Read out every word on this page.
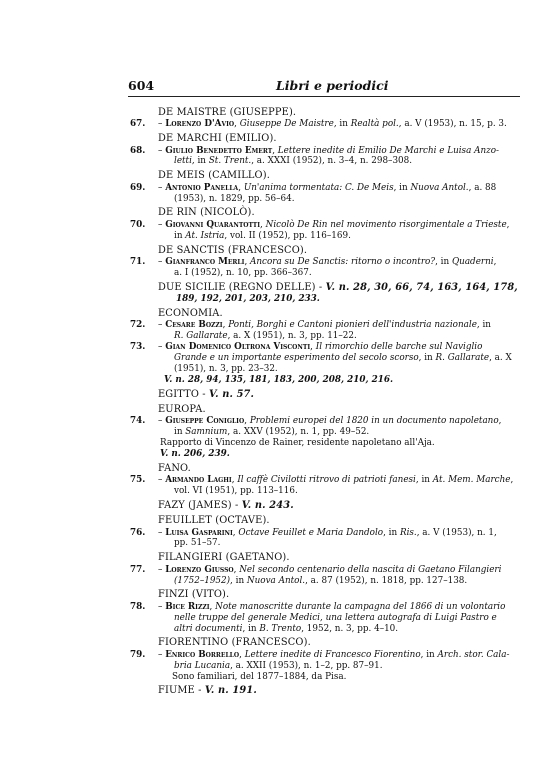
604	Libri e periodici
DE MAISTRE (GIUSEPPE).
67. – Lorenzo D'Avio, Giuseppe De Maistre, in Realtà pol., a. V (1953), n. 15, p. 3.
DE MARCHI (EMILIO).
68. – Giulio Benedetto Emert, Lettere inedite di Emilio De Marchi e Luisa Anzo-
letti, in St. Trent., a. XXXI (1952), n. 3–4, n. 298–308.
DE MEIS (CAMILLO).
69. – Antonio Panella, Un'anima tormentata: C. De Meis, in Nuova Antol., a. 88
(1953), n. 1829, pp. 56–64.
DE RIN (NICOLÒ).
70. – Giovanni Quarantotti, Nicolò De Rin nel movimento risorgimentale a Trieste,
in At. Istria, vol. II (1952), pp. 116–169.
DE SANCTIS (FRANCESCO).
71. – Gianfranco Merli, Ancora su De Sanctis: ritorno o incontro?, in Quaderni,
a. I (1952), n. 10, pp. 366–367.
DUE SICILIE (REGNO DELLE) - V. n. 28, 30, 66, 74, 163, 164, 178,
189, 192, 201, 203, 210, 233.
ECONOMIA.
72. – Cesare Bozzi, Ponti, Borghi e Cantoni pionieri dell'industria nazionale, in
R. Gallarate, a. X (1951), n. 3, pp. 11–22.
73. – Gian Domenico Oltrona Visconti, Il rimorchio delle barche sul Naviglio
Grande e un importante esperimento del secolo scorso, in R. Gallarate, a. X
(1951), n. 3, pp. 23–32.
V. n. 28, 94, 135, 181, 183, 200, 208, 210, 216.
EGITTO - V. n. 57.
EUROPA.
74. – Giuseppe Coniglio, Problemi europei del 1820 in un documento napoletano,
in Samnium, a. XXV (1952), n. 1, pp. 49–52.
Rapporto di Vincenzo de Rainer, residente napoletano all'Aja.
V. n. 206, 239.
FANO.
75. – Armando Laghi, Il caffè Civilotti ritrovo di patrioti fanesi, in At. Mem. Marche,
vol. VI (1951), pp. 113–116.
FAZY (JAMES) - V. n. 243.
FEUILLET (OCTAVE).
76. – Luisa Gasparini, Octave Feuillet e Maria Dandolo, in Ris., a. V (1953), n. 1,
pp. 51–57.
FILANGIERI (GAETANO).
77. – Lorenzo Giusso, Nel secondo centenario della nascita di Gaetano Filangieri
(1752–1952), in Nuova Antol., a. 87 (1952), n. 1818, pp. 127–138.
FINZI (VITO).
78. – Bice Rizzi, Note manoscritte durante la campagna del 1866 di un volontario
nelle truppe del generale Medici, una lettera autografa di Luigi Pastro e
altri documenti, in B. Trento, 1952, n. 3, pp. 4–10.
FIORENTINO (FRANCESCO).
79. – Enrico Borrello, Lettere inedite di Francesco Fiorentino, in Arch. stor. Cala-
bria Lucania, a. XXII (1953), n. 1–2, pp. 87–91.
Sono familiari, del 1877–1884, da Pisa.
FIUME - V. n. 191.
